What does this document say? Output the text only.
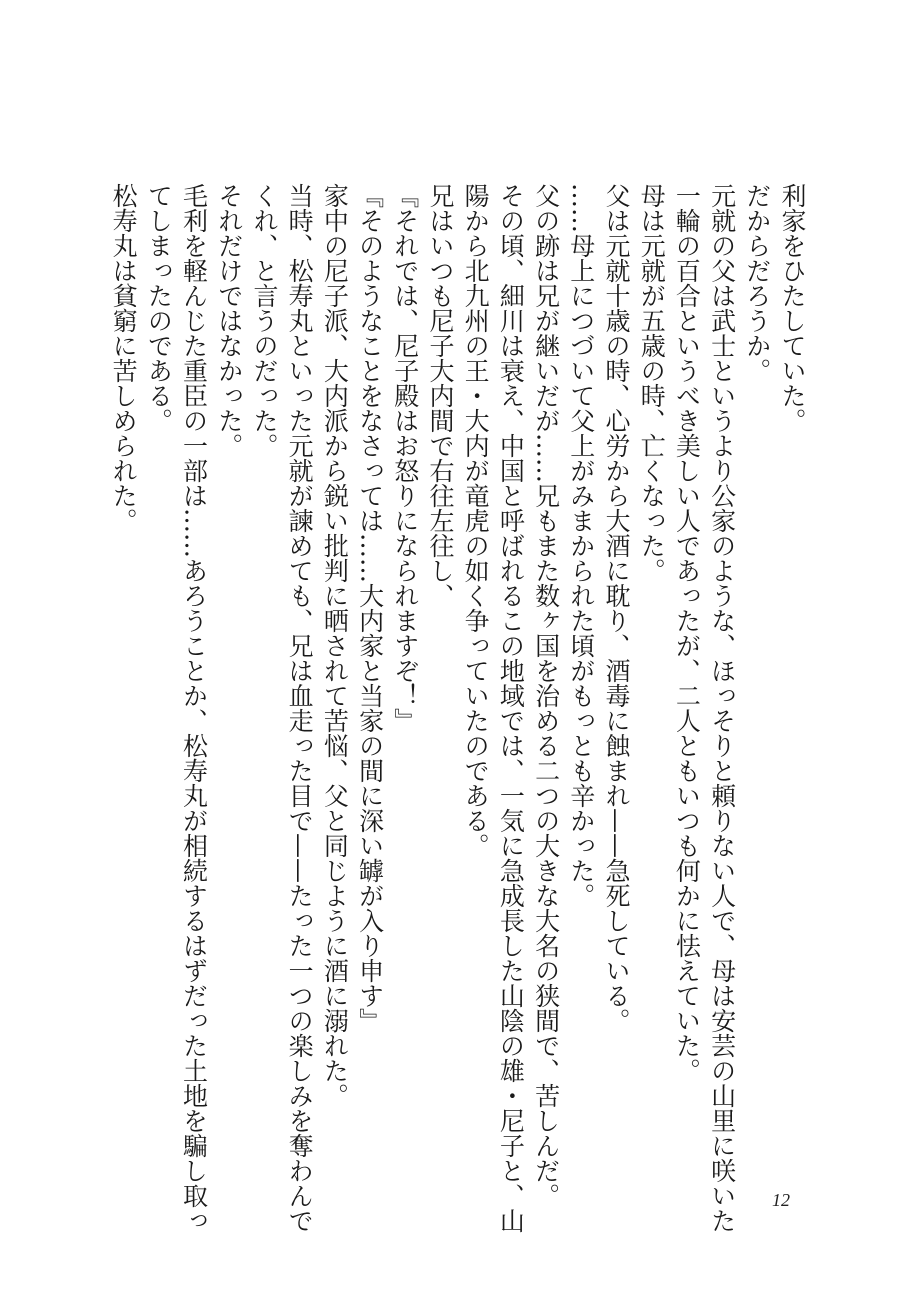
利家をひたしていた。

だからだろうか。

元就の父は武士というより公家のような、ほっそりと頼りない人で、母は安芸の山里に咲いた

一輪の百合というべき美しい人であったが、二人ともいつも何かに怯えていた。

母は元就が五歳の時、亡くなった。

父は元就十歳の時、心労から大酒に耽り、酒毒に蝕まれ——急死している。

……母上につづいて父上がみまかられた頃がもっとも辛かった。

父の跡は兄が継いだが……兄もまた数ヶ国を治める二つの大きな大名の狭間で、苦しんだ。

その頃、細川は衰え、中国と呼ばれるこの地域では、一気に急成長した山陰の雄・尼子と、山

陽から北九州の王・大内が竜虎の如く争っていたのである。

兄はいつも尼子大内間で右往左往し、

『それでは、尼子殿はお怒りになられますぞ！』

『そのようなことをなさっては……大内家と当家の間に深い罅が入り申す』

家中の尼子派、大内派から鋭い批判に晒されて苦悩、父と同じように酒に溺れた。

当時、松寿丸といった元就が諫めても、兄は血走った目で——たった一つの楽しみを奪わんで

くれ、と言うのだった。

それだけではなかった。

毛利を軽んじた重臣の一部は……あろうことか、松寿丸が相続するはずだった土地を騙し取っ

てしまったのである。

松寿丸は貧窮に苦しめられた。

12
